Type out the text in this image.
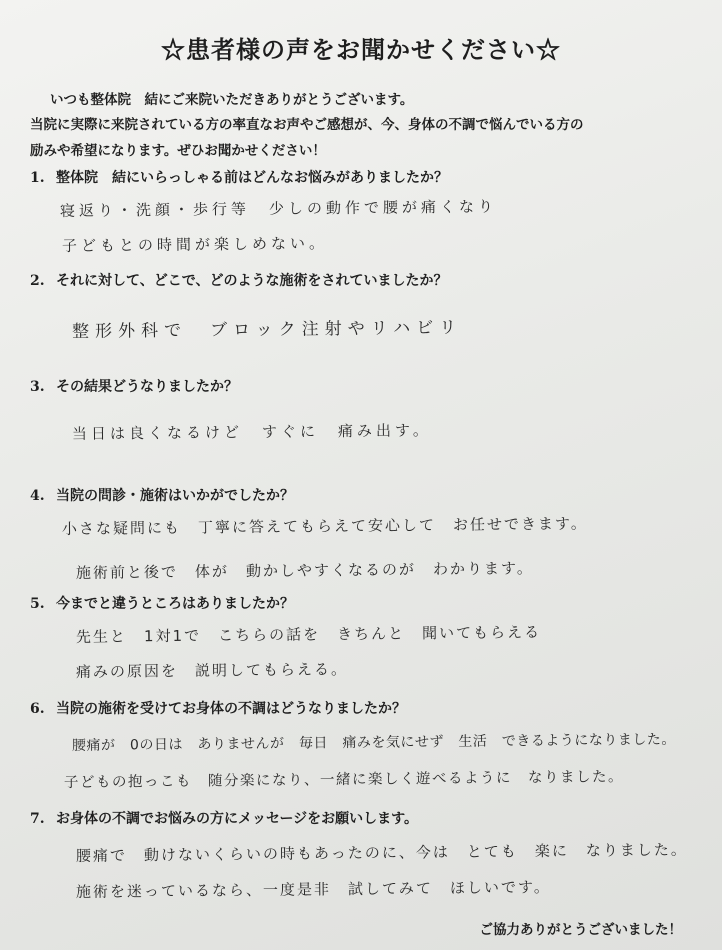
☆患者様の声をお聞かせください☆
いつも整体院　結にご来院いただきありがとうございます。
当院に実際に来院されている方の率直なお声やご感想が、今、身体の不調で悩んでいる方の
励みや希望になります。ぜひお聞かせください！
1. 整体院　結にいらっしゃる前はどんなお悩みがありましたか？
寝返り・洗顔・歩行等　少しの動作で腰が痛くなり
子どもとの時間が楽しめない。
2. それに対して、どこで、どのような施術をされていましたか？
整形外科で　ブロック注射やリハビリ
3. その結果どうなりましたか？
当日は良くなるけど　すぐに　痛み出す。
4. 当院の問診・施術はいかがでしたか？
小さな疑問にも　丁寧に答えてもらえて安心して　お任せできます。
施術前と後で　体が　動かしやすくなるのが　わかります。
5. 今までと違うところはありましたか？
先生と　1対1で　こちらの話を　きちんと　聞いてもらえる
痛みの原因を　説明してもらえる。
6. 当院の施術を受けてお身体の不調はどうなりましたか？
腰痛が　0の日は　ありませんが　毎日　痛みを気にせず　生活　できるようになりました。
子どもの抱っこも　随分楽になり、一緒に楽しく遊べるように　なりました。
7. お身体の不調でお悩みの方にメッセージをお願いします。
腰痛で　動けないくらいの時もあったのに、今は　とても　楽に　なりました。
施術を迷っているなら、一度是非　試してみて　ほしいです。
ご協力ありがとうございました！
